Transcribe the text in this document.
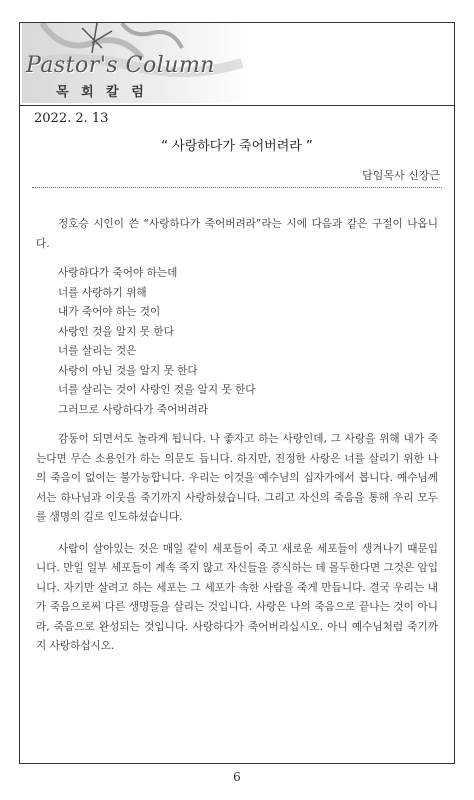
Pastor's Column
목 회 칼 럼
2022. 2. 13
“ 사랑하다가 죽어버려라 ”
담임목사 신장근

정호승 시인이 쓴 “사랑하다가 죽어버려라”라는 시에 다음과 같은 구절이 나옵니다.

사랑하다가 죽어야 하는데
너를 사랑하기 위해
내가 죽어야 하는 것이
사랑인 것을 알지 못 한다
너를 살리는 것은
사랑이 아닌 것을 알지 못 한다
너를 살리는 것이 사랑인 것을 알지 못 한다
그러므로 사랑하다가 죽어버려라

감동이 되면서도 놀라게 됩니다. 나 좋자고 하는 사랑인데, 그 사랑을 위해 내가 죽는다면 무슨 소용인가 하는 의문도 듭니다. 하지만, 진정한 사랑은 너를 살리기 위한 나의 죽음이 없이는 불가능합니다. 우리는 이것을 예수님의 십자가에서 봅니다. 예수님께서는 하나님과 이웃을 죽기까지 사랑하셨습니다. 그리고 자신의 죽음을 통해 우리 모두를 생명의 길로 인도하셨습니다.

사람이 살아있는 것은 매일 같이 세포들이 죽고 새로운 세포들이 생겨나기 때문입니다. 만일 일부 세포들이 계속 죽지 않고 자신들을 증식하는 데 몰두한다면 그것은 암입니다. 자기만 살려고 하는 세포는 그 세포가 속한 사람을 죽게 만듭니다. 결국 우리는 내가 죽음으로써 다른 생명들을 살리는 것입니다. 사랑은 나의 죽음으로 끝나는 것이 아니라, 죽음으로 완성되는 것입니다. 사랑하다가 죽어버리십시오. 아니 예수님처럼 죽기까지 사랑하십시오.

6
